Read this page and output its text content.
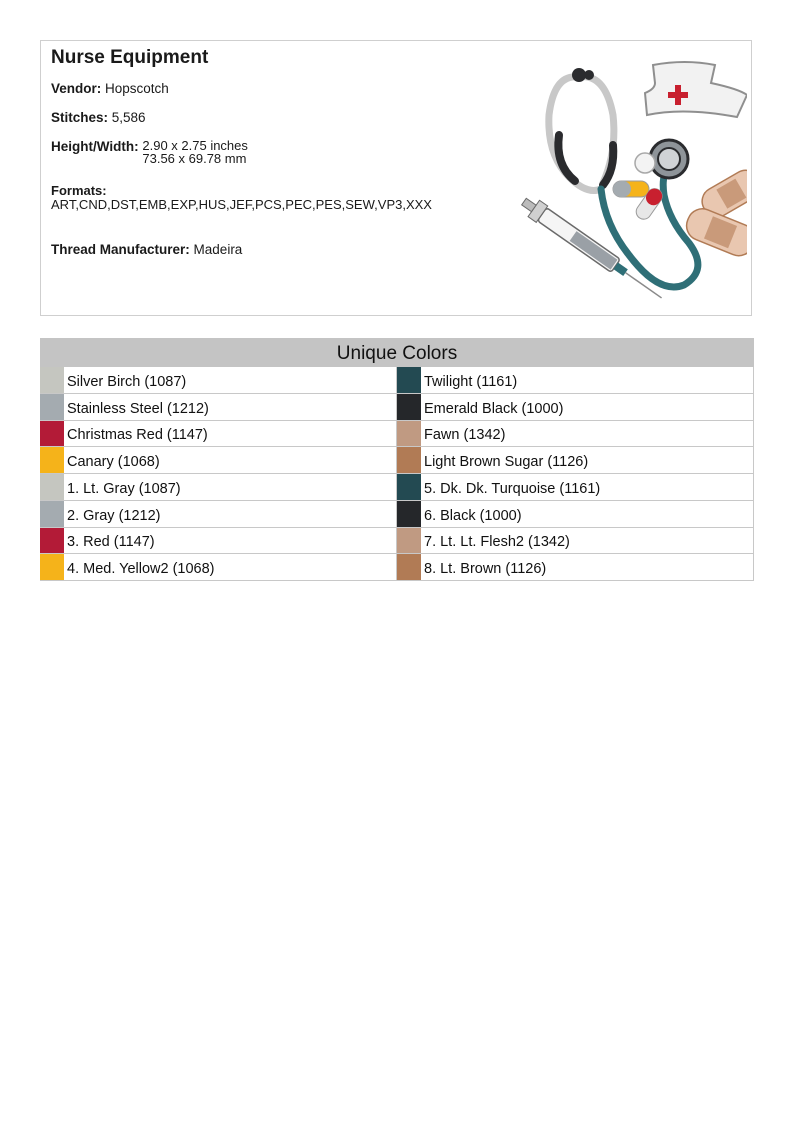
Nurse Equipment
Vendor: Hopscotch
Stitches: 5,586
Height/Width: 2.90 x 2.75 inches
73.56 x 69.78 mm
Formats:
ART,CND,DST,EMB,EXP,HUS,JEF,PCS,PEC,PES,SEW,VP3,XXX
Thread Manufacturer: Madeira
Unique Colors
Silver Birch (1087)	Twilight (1161)
Stainless Steel (1212)	Emerald Black (1000)
Christmas Red (1147)	Fawn (1342)
Canary (1068)	Light Brown Sugar (1126)
1. Lt. Gray (1087)	5. Dk. Dk. Turquoise (1161)
2. Gray (1212)	6. Black (1000)
3. Red (1147)	7. Lt. Lt. Flesh2 (1342)
4. Med. Yellow2 (1068)	8. Lt. Brown (1126)
